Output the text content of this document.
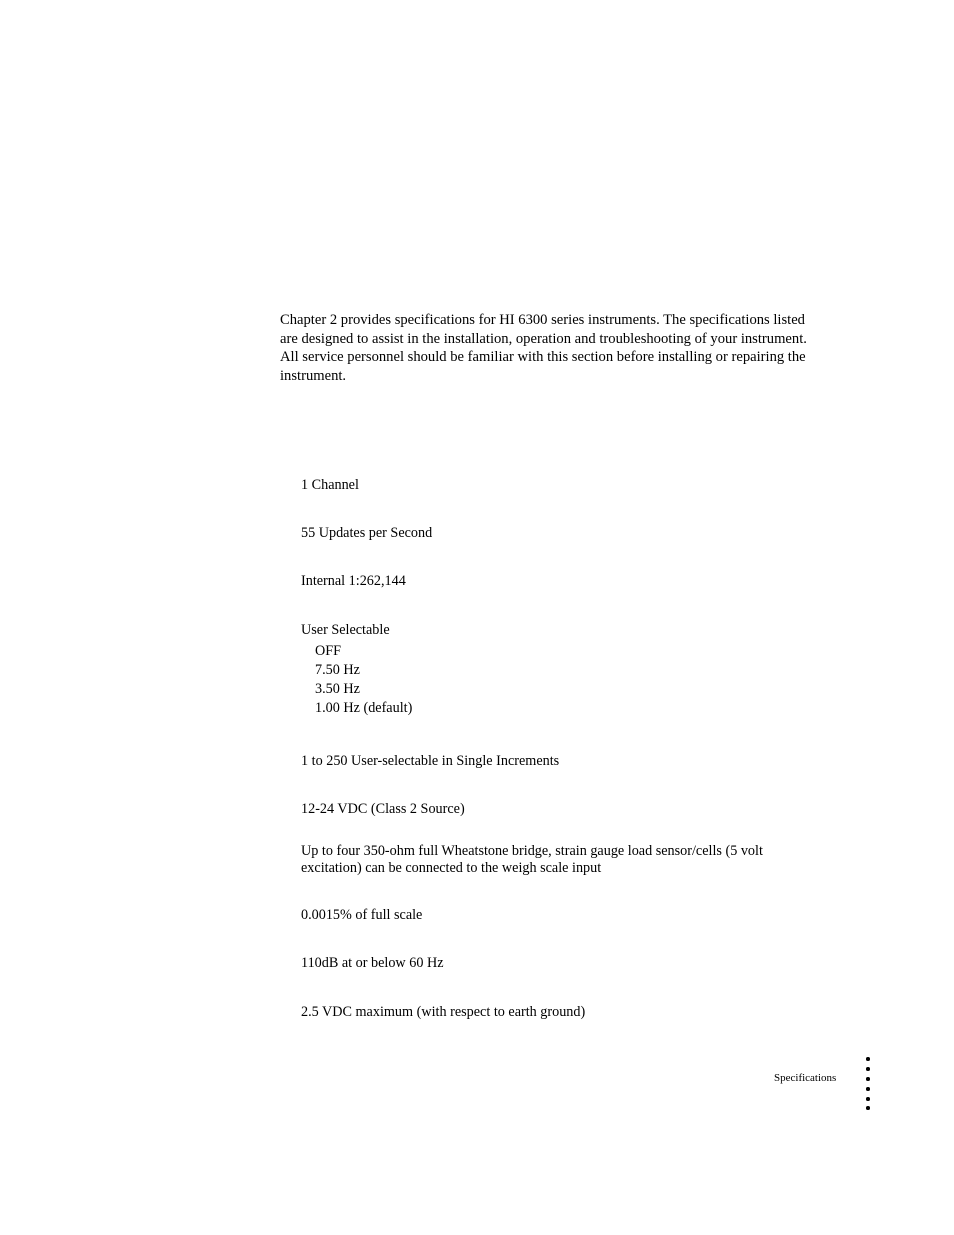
Chapter 2 provides specifications for HI 6300 series instruments. The specifications listed are designed to assist in the installation, operation and troubleshooting of your instrument. All service personnel should be familiar with this section before installing or repairing the instrument.

1 Channel

55 Updates per Second

Internal 1:262,144

User Selectable

OFF

7.50 Hz

3.50 Hz

1.00 Hz (default)

1 to 250 User-selectable in Single Increments

12-24 VDC (Class 2 Source)

Up to four 350-ohm full Wheatstone bridge, strain gauge load sensor/cells (5 volt excitation) can be connected to the weigh scale input

0.0015% of full scale

110dB at or below 60 Hz

2.5 VDC maximum (with respect to earth ground)

Specifications
